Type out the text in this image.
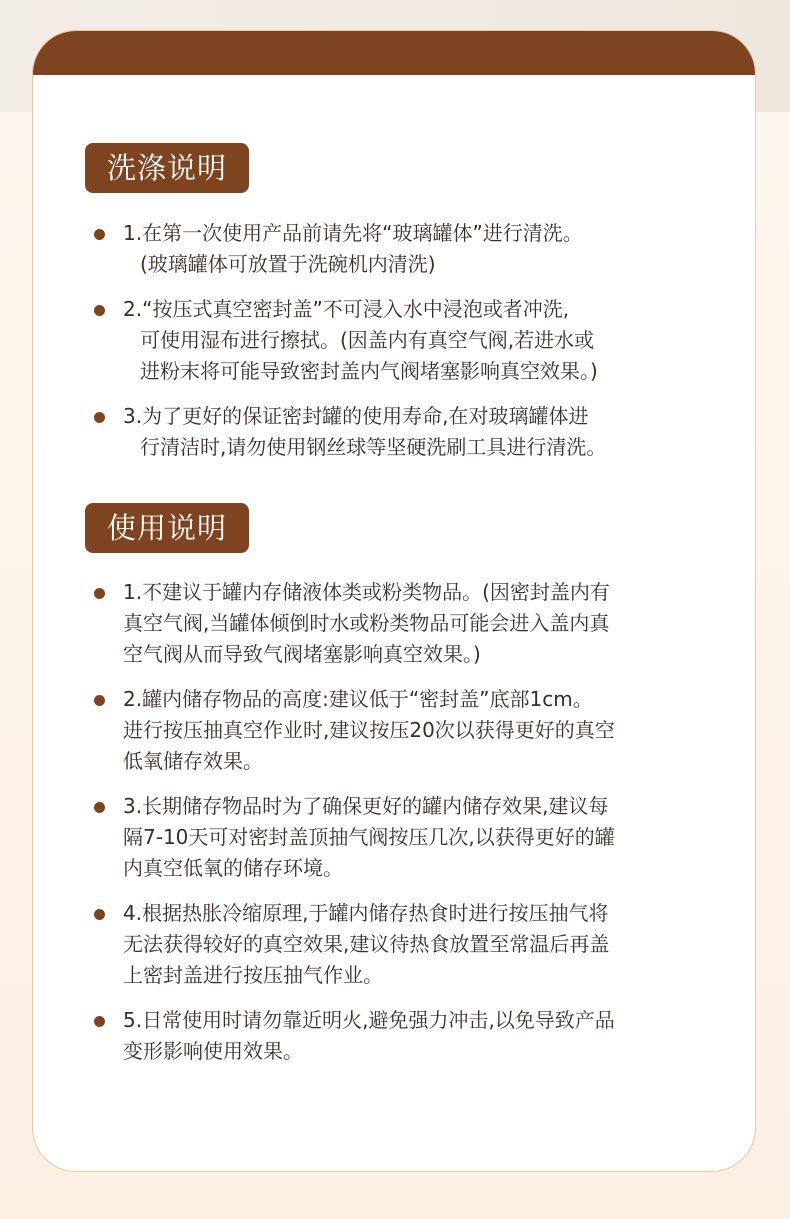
洗涤说明
1.在第一次使用产品前请先将“玻璃罐体”进行清洗。
(玻璃罐体可放置于洗碗机内清洗)
2.“按压式真空密封盖”不可浸入水中浸泡或者冲洗,
可使用湿布进行擦拭。(因盖内有真空气阀,若进水或
进粉末将可能导致密封盖内气阀堵塞影响真空效果。)
3.为了更好的保证密封罐的使用寿命,在对玻璃罐体进
行清洁时,请勿使用钢丝球等坚硬洗刷工具进行清洗。
使用说明
1.不建议于罐内存储液体类或粉类物品。(因密封盖内有
真空气阀,当罐体倾倒时水或粉类物品可能会进入盖内真
空气阀从而导致气阀堵塞影响真空效果。)
2.罐内储存物品的高度:建议低于“密封盖”底部1cm。
进行按压抽真空作业时,建议按压20次以获得更好的真空
低氧储存效果。
3.长期储存物品时为了确保更好的罐内储存效果,建议每
隔7-10天可对密封盖顶抽气阀按压几次,以获得更好的罐
内真空低氧的储存环境。
4.根据热胀冷缩原理,于罐内储存热食时进行按压抽气将
无法获得较好的真空效果,建议待热食放置至常温后再盖
上密封盖进行按压抽气作业。
5.日常使用时请勿靠近明火,避免强力冲击,以免导致产品
变形影响使用效果。
